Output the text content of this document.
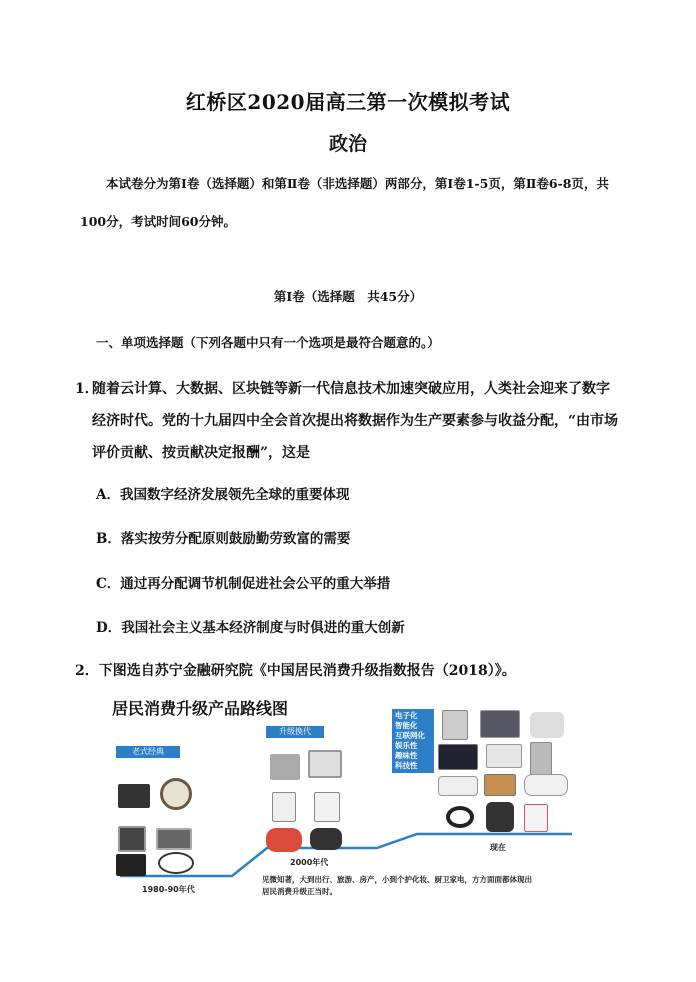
红桥区2020届高三第一次模拟考试
政治
本试卷分为第Ⅰ卷（选择题）和第Ⅱ卷（非选择题）两部分，第Ⅰ卷1-5页，第Ⅱ卷6-8页，共100分，考试时间60分钟。
第Ⅰ卷（选择题　共45分）
一、单项选择题（下列各题中只有一个选项是最符合题意的。）
1．
随着云计算、大数据、区块链等新一代信息技术加速突破应用，人类社会迎来了数字经济时代。党的十九届四中全会首次提出将数据作为生产要素参与收益分配，“由市场评价贡献、按贡献决定报酬”，这是
A．我国数字经济发展领先全球的重要体现
B．落实按劳分配原则鼓励勤劳致富的需要
C．通过再分配调节机制促进社会公平的重大举措
D．我国社会主义基本经济制度与时俱进的重大创新
2．下图选自苏宁金融研究院《中国居民消费升级指数报告（2018）》。
居民消费升级产品路线图
老式经典
升级换代
电子化
智能化
互联网化
娱乐性
趣味性
科技性
1980-90年代
2000年代
现在
见微知著，大到出行、旅游、房产，小到个护化妆、厨卫家电，方方面面都体现出
居民消费升级正当时。
